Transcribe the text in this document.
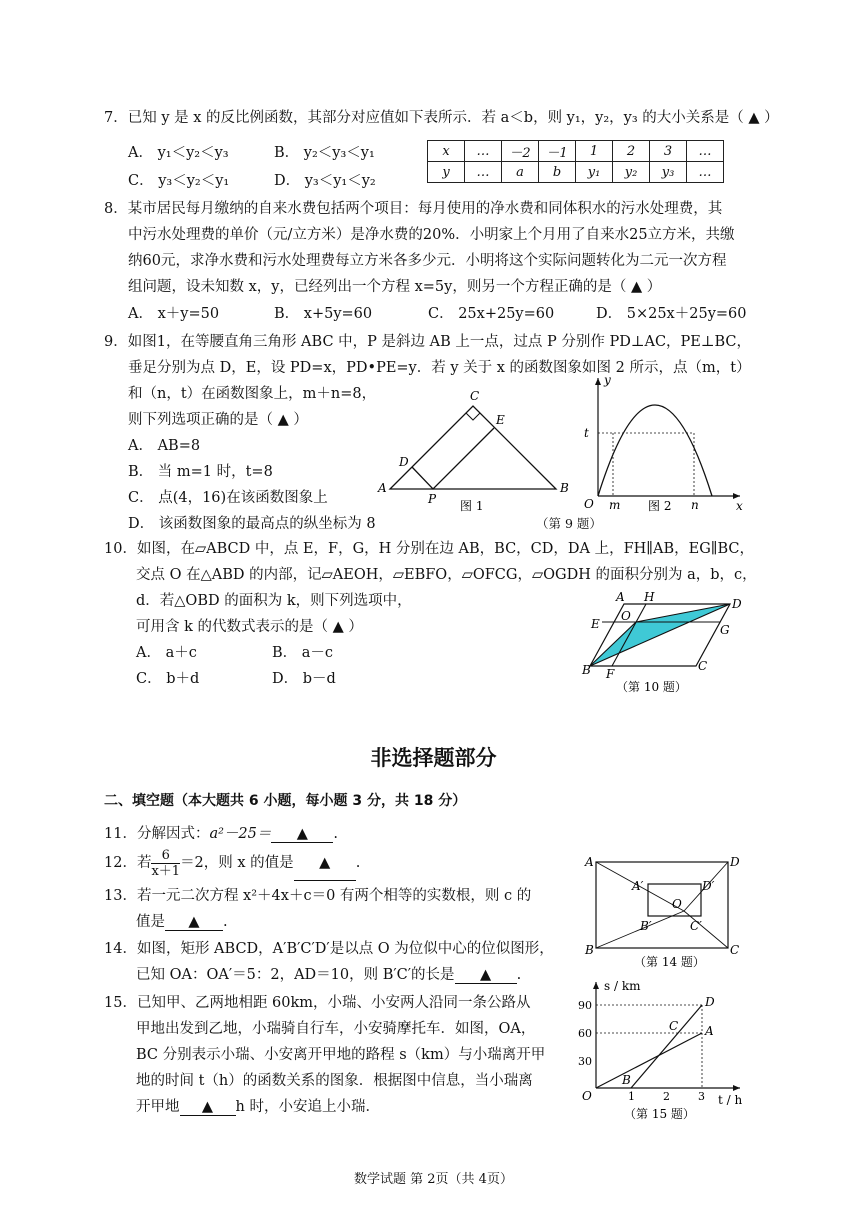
7．已知 y 是 x 的反比例函数，其部分对应值如下表所示．若 a＜b，则 y₁，y₂，y₃ 的大小关系是（ ▲ ）
A． y₁＜y₂＜y₃	B． y₂＜y₃＜y₁
C． y₃＜y₂＜y₁	D． y₃＜y₁＜y₂
x	…	－2	－1	1	2	3	…
y	…	a	b	y₁	y₂	y₃	…
8．某市居民每月缴纳的自来水费包括两个项目：每月使用的净水费和同体积水的污水处理费，其
中污水处理费的单价（元/立方米）是净水费的20%．小明家上个月用了自来水25立方米，共缴
纳60元，求净水费和污水处理费每立方米各多少元．小明将这个实际问题转化为二元一次方程
组问题，设未知数 x，y，已经列出一个方程 x=5y，则另一个方程正确的是（ ▲ ）
A． x＋y=50	B． x+5y=60	C． 25x+25y=60	D． 5×25x＋25y=60
9．如图1，在等腰直角三角形 ABC 中，P 是斜边 AB 上一点，过点 P 分别作 PD⊥AC，PE⊥BC，
垂足分别为点 D，E，设 PD=x，PD•PE=y．若 y 关于 x 的函数图象如图 2 所示，点（m，t）
和（n，t）在函数图象上，m＋n=8，
则下列选项正确的是（ ▲ ）
A． AB=8
B． 当 m=1 时，t=8
C． 点(4，16)在该函数图象上
D． 该函数图象的最高点的纵坐标为 8
A	B
C
D
E
P 图 1
y
x
t
O m	n
图 2
（第 9 题）
10．如图，在▱ABCD 中，点 E，F，G，H 分别在边 AB，BC，CD，DA 上，FH∥AB，EG∥BC，
交点 O 在△ABD 的内部，记▱AEOH，▱EBFO，▱OFCG，▱OGDH 的面积分别为 a，b，c，
d．若△OBD 的面积为 k，则下列选项中，
可用含 k 的代数式表示的是（ ▲ ）
A． a＋c	B． a－c
C． b＋d	D． b－d
A H	D
E
O
G
B F
C
（第 10 题）
非选择题部分
二、填空题（本大题共 6 小题，每小题 3 分，共 18 分）
11．分解因式：a²－25＝ ▲ .
12．若 $\frac{6}{x+1} =2$，则 x 的值是 ▲ .
13．若一元二次方程 x²＋4x＋c＝0 有两个相等的实数根，则 c 的
值是 ▲ .
14．如图，矩形 ABCD，A′B′C′D′是以点 O 为位似中心的位似图形，
已知 OA：OA′＝5：2，AD＝10，则 B′C′的长是 ▲ .
A	D
B	C
A′	D′
B′	C′
O
（第 14 题）
15．已知甲、乙两地相距 60km，小瑞、小安两人沿同一条公路从
甲地出发到乙地，小瑞骑自行车，小安骑摩托车．如图，OA，
BC 分别表示小瑞、小安离开甲地的路程 s（km）与小瑞离开甲
地的时间 t（h）的函数关系的图象．根据图中信息，当小瑞离
开甲地 ▲ h 时，小安追上小瑞．
s / km
t / h
90
60
30
1	2	3
O
A
B
C
D
（第 15 题）
数学试题 第 2页（共 4页）
